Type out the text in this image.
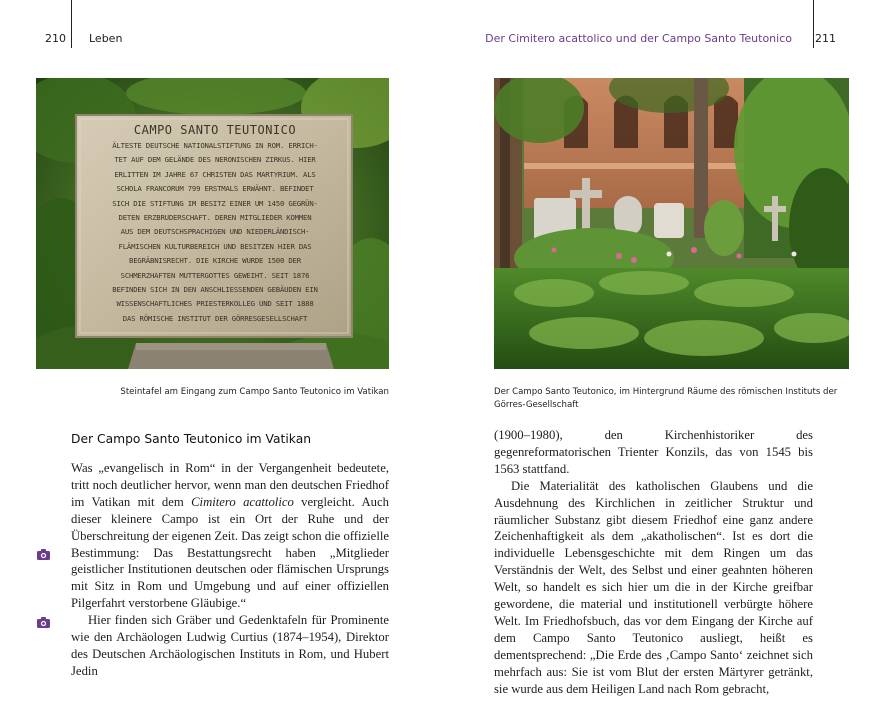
210 Leben	Der Cimitero acattolico und der Campo Santo Teutonico 211
CAMPO SANTO TEUTONICO
ÄLTESTE DEUTSCHE NATIONALSTIFTUNG IN ROM. ERRICH-
TET AUF DEM GELÄNDE DES NERONISCHEN ZIRKUS. HIER
ERLITTEN IM JAHRE 67 CHRISTEN DAS MARTYRIUM. ALS
SCHOLA FRANCORUM 799 ERSTMALS ERWÄHNT. BEFINDET
SICH DIE STIFTUNG IM BESITZ EINER UM 1450 GEGRÜN-
DETEN ERZBRUDERSCHAFT. DEREN MITGLIEDER KOMMEN
AUS DEM DEUTSCHSPRACHIGEN UND NIEDERLÄNDISCH-
FLÄMISCHEN KULTURBEREICH UND BESITZEN HIER DAS
BEGRÄBNISRECHT. DIE KIRCHE WURDE 1500 DER
SCHMERZHAFTEN MUTTERGOTTES GEWEIHT. SEIT 1876
BEFINDEN SICH IN DEN ANSCHLIESSENDEN GEBÄUDEN EIN
WISSENSCHAFTLICHES PRIESTERKOLLEG UND SEIT 1888
DAS RÖMISCHE INSTITUT DER GÖRRESGESELLSCHAFT
Steintafel am Eingang zum Campo Santo Teutonico im Vatikan	Der Campo Santo Teutonico, im Hintergrund Räume des römischen Instituts der Görres-Gesellschaft
Der Campo Santo Teutonico im Vatikan

Was „evangelisch in Rom“ in der Vergangenheit bedeutete, tritt noch deutlicher hervor, wenn man den deutschen Friedhof im Vatikan mit dem Cimitero acattolico vergleicht. Auch dieser kleinere Campo ist ein Ort der Ruhe und der Überschreitung der eigenen Zeit. Das zeigt schon die offizielle Bestimmung: Das Bestattungsrecht haben „Mitglieder geistlicher Institutionen deutschen oder flämischen Ursprungs mit Sitz in Rom und Umgebung und auf einer offiziellen Pilgerfahrt verstorbene Gläubige.“

Hier finden sich Gräber und Gedenktafeln für Prominente wie den Archäologen Ludwig Curtius (1874–1954), Direktor des Deutschen Archäologischen Instituts in Rom, und Hubert Jedin

(1900–1980), den Kirchenhistoriker des gegenreformatorischen Trienter Konzils, das von 1545 bis 1563 stattfand.

Die Materialität des katholischen Glaubens und die Ausdehnung des Kirchlichen in zeitlicher Struktur und räumlicher Substanz gibt diesem Friedhof eine ganz andere Zeichenhaftigkeit als dem „akatholischen“. Ist es dort die individuelle Lebensgeschichte mit dem Ringen um das Verständnis der Welt, des Selbst und einer geahnten höheren Welt, so handelt es sich hier um die in der Kirche greifbar gewordene, die material und institutionell verbürgte höhere Welt. Im Friedhofsbuch, das vor dem Eingang der Kirche auf dem Campo Santo Teutonico ausliegt, heißt es dementsprechend: „Die Erde des ‚Campo Santo‘ zeichnet sich mehrfach aus: Sie ist vom Blut der ersten Märtyrer getränkt, sie wurde aus dem Heiligen Land nach Rom gebracht,
